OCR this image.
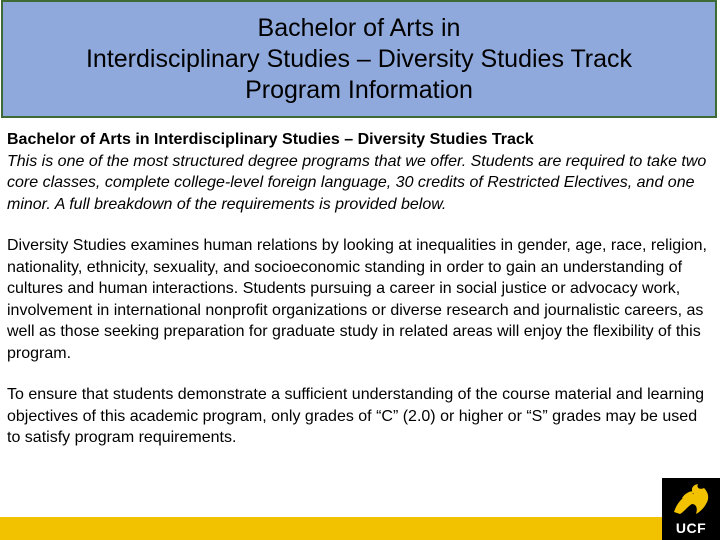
Bachelor of Arts in
Interdisciplinary Studies – Diversity Studies Track
Program Information

Bachelor of Arts in Interdisciplinary Studies – Diversity Studies Track

This is one of the most structured degree programs that we offer. Students are required to take two core classes, complete college-level foreign language, 30 credits of Restricted Electives, and one minor. A full breakdown of the requirements is provided below.

Diversity Studies examines human relations by looking at inequalities in gender, age, race, religion, nationality, ethnicity, sexuality, and socioeconomic standing in order to gain an understanding of cultures and human interactions. Students pursuing a career in social justice or advocacy work, involvement in international nonprofit organizations or diverse research and journalistic careers, as well as those seeking preparation for graduate study in related areas will enjoy the flexibility of this program.

To ensure that students demonstrate a sufficient understanding of the course material and learning objectives of this academic program, only grades of “C” (2.0) or higher or “S” grades may be used to satisfy program requirements.

UCF
